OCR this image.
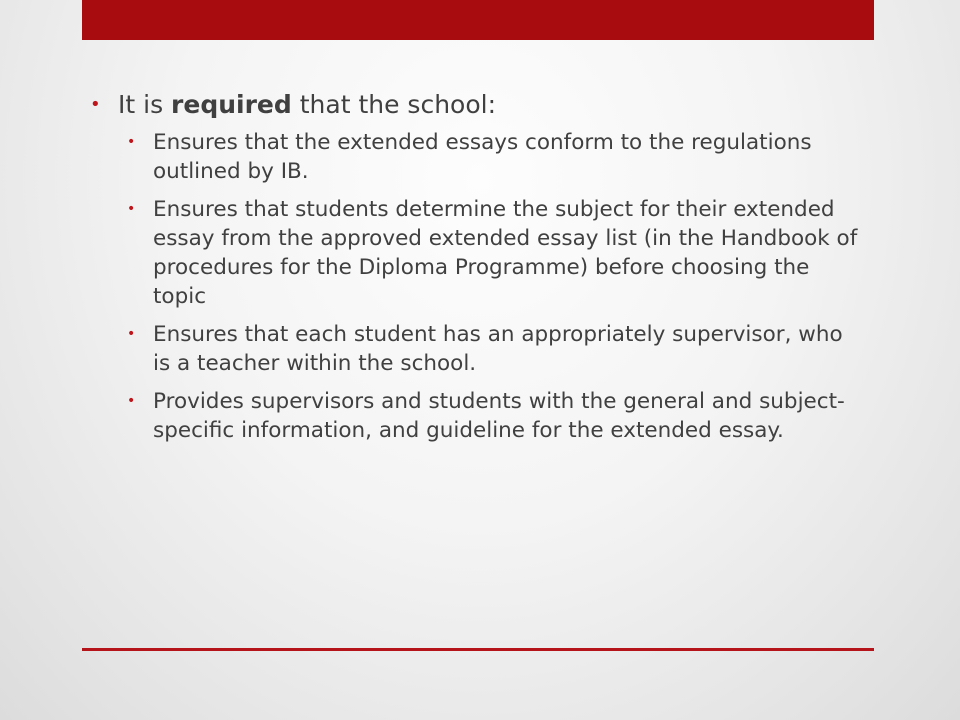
• It is required that the school:
• Ensures that the extended essays conform to the regulations outlined by IB.
• Ensures that students determine the subject for their extended essay from the approved extended essay list (in the Handbook of procedures for the Diploma Programme) before choosing the topic
• Ensures that each student has an appropriately supervisor, who is a teacher within the school.
• Provides supervisors and students with the general and subject-specific information, and guideline for the extended essay.
